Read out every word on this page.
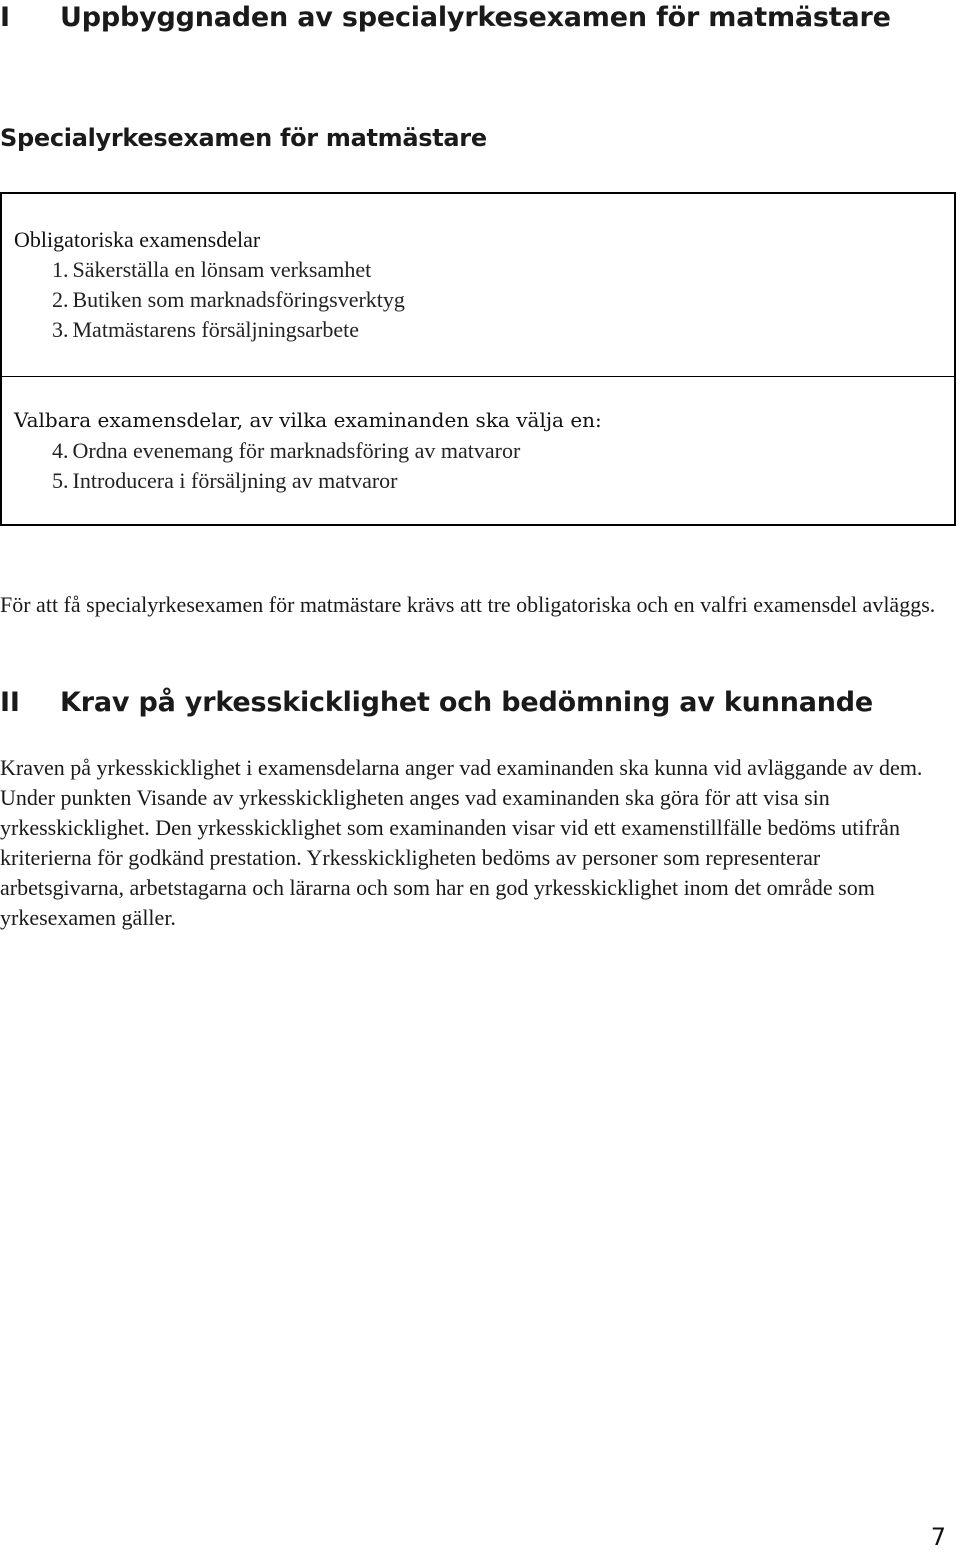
I Uppbyggnaden av specialyrkesexamen för matmästare
Specialyrkesexamen för matmästare
Obligatoriska examensdelar
1. Säkerställa en lönsam verksamhet
2. Butiken som marknadsföringsverktyg
3. Matmästarens försäljningsarbete
Valbara examensdelar, av vilka examinanden ska välja en:
4. Ordna evenemang för marknadsföring av matvaror
5. Introducera i försäljning av matvaror

För att få specialyrkesexamen för matmästare krävs att tre obligatoriska och en valfri examensdel avläggs.

II Krav på yrkesskicklighet och bedömning av kunnande

Kraven på yrkesskicklighet i examensdelarna anger vad examinanden ska kunna vid avläggande av dem. Under punkten Visande av yrkesskickligheten anges vad examinanden ska göra för att visa sin yrkesskicklighet. Den yrkesskicklighet som examinanden visar vid ett examenstillfälle bedöms utifrån kriterierna för godkänd prestation. Yrkesskickligheten bedöms av personer som representerar arbetsgivarna, arbetstagarna och lärarna och som har en god yrkesskicklighet inom det område som yrkesexamen gäller.

7
